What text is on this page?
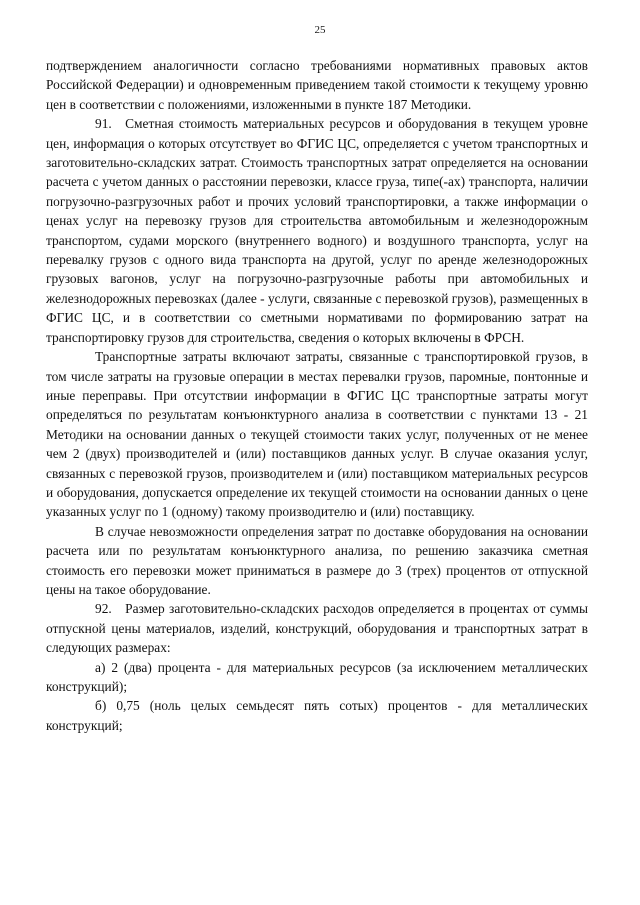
25

подтверждением аналогичности согласно требованиями нормативных правовых актов Российской Федерации) и одновременным приведением такой стоимости к текущему уровню цен в соответствии с положениями, изложенными в пункте 187 Методики.

91. Сметная стоимость материальных ресурсов и оборудования в текущем уровне цен, информация о которых отсутствует во ФГИС ЦС, определяется с учетом транспортных и заготовительно-складских затрат. Стоимость транспортных затрат определяется на основании расчета с учетом данных о расстоянии перевозки, классе груза, типе(-ах) транспорта, наличии погрузочно-разгрузочных работ и прочих условий транспортировки, а также информации о ценах услуг на перевозку грузов для строительства автомобильным и железнодорожным транспортом, судами морского (внутреннего водного) и воздушного транспорта, услуг на перевалку грузов с одного вида транспорта на другой, услуг по аренде железнодорожных грузовых вагонов, услуг на погрузочно-разгрузочные работы при автомобильных и железнодорожных перевозках (далее - услуги, связанные с перевозкой грузов), размещенных в ФГИС ЦС, и в соответствии со сметными нормативами по формированию затрат на транспортировку грузов для строительства, сведения о которых включены в ФРСН.

Транспортные затраты включают затраты, связанные с транспортировкой грузов, в том числе затраты на грузовые операции в местах перевалки грузов, паромные, понтонные и иные переправы. При отсутствии информации в ФГИС ЦС транспортные затраты могут определяться по результатам конъюнктурного анализа в соответствии с пунктами 13 - 21 Методики на основании данных о текущей стоимости таких услуг, полученных от не менее чем 2 (двух) производителей и (или) поставщиков данных услуг. В случае оказания услуг, связанных с перевозкой грузов, производителем и (или) поставщиком материальных ресурсов и оборудования, допускается определение их текущей стоимости на основании данных о цене указанных услуг по 1 (одному) такому производителю и (или) поставщику.

В случае невозможности определения затрат по доставке оборудования на основании расчета или по результатам конъюнктурного анализа, по решению заказчика сметная стоимость его перевозки может приниматься в размере до 3 (трех) процентов от отпускной цены на такое оборудование.

92. Размер заготовительно-складских расходов определяется в процентах от суммы отпускной цены материалов, изделий, конструкций, оборудования и транспортных затрат в следующих размерах:

а) 2 (два) процента - для материальных ресурсов (за исключением металлических конструкций);

б) 0,75 (ноль целых семьдесят пять сотых) процентов - для металлических конструкций;
